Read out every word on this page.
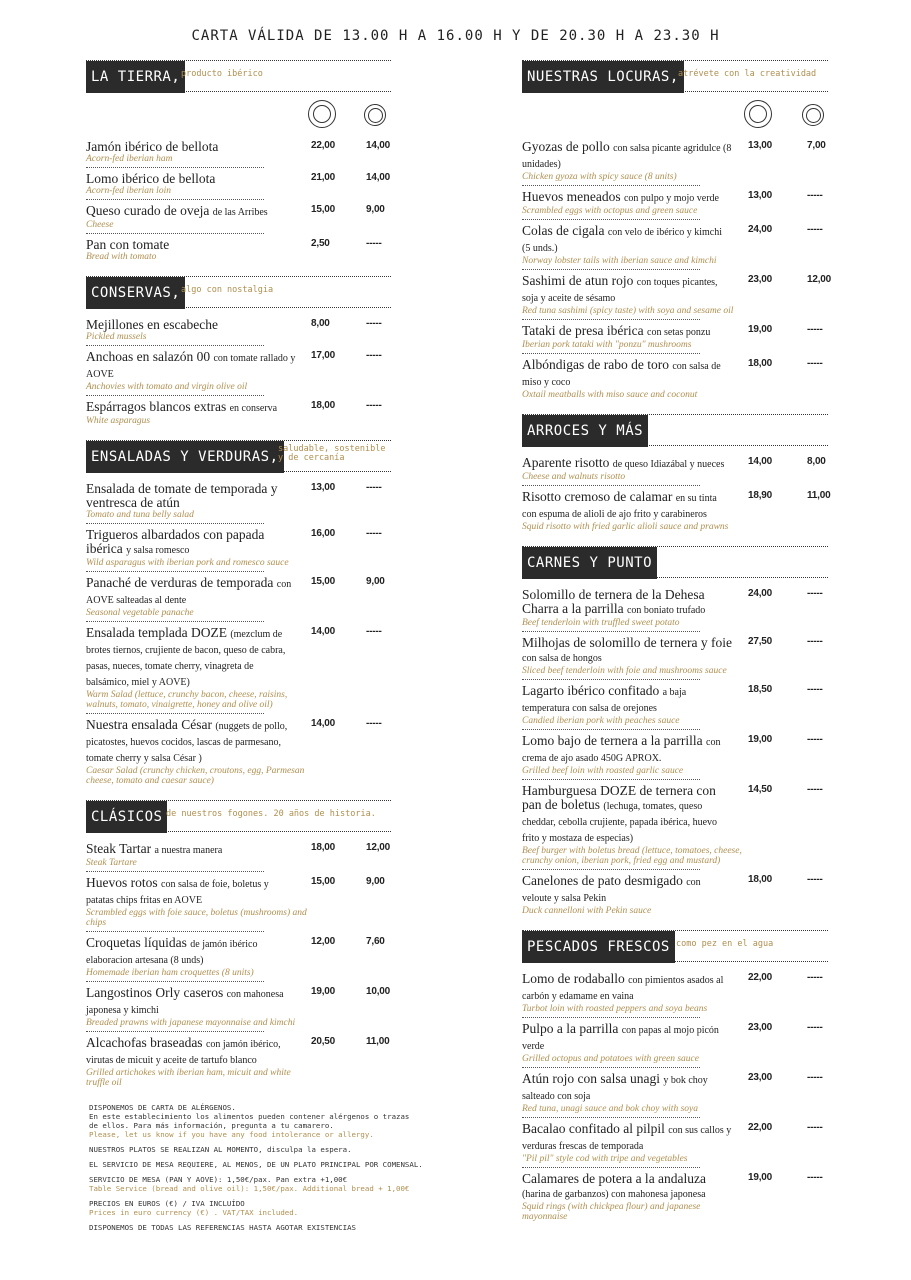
CARTA VÁLIDA DE 13.00 H A 16.00 H Y DE 20.30 H A 23.30 H
LA TIERRA, producto ibérico
Jamón ibérico de bellota
Acorn-fed iberian ham
22,00	14,00
Lomo ibérico de bellota
Acorn-fed iberian loin
21,00	14,00
Queso curado de oveja de las Arribes
Cheese
15,00	9,00
Pan con tomate
Bread with tomato
2,50	-----
CONSERVAS, algo con nostalgia
Mejillones en escabeche
Pickled mussels
8,00	-----
Anchoas en salazón 00 con tomate rallado y AOVE
Anchovies with tomato and virgin olive oil
17,00	-----
Espárragos blancos extras en conserva
White asparagus
18,00	-----
ENSALADAS Y VERDURAS, saludable, sostenible y de cercanía
Ensalada de tomate de temporada y ventresca de atún
Tomato and tuna belly salad
13,00	-----
Trigueros albardados con papada ibérica y salsa romesco
Wild asparagus with iberian pork and romesco sauce
16,00	-----
Panaché de verduras de temporada con AOVE salteadas al dente
Seasonal vegetable panache
15,00	9,00
Ensalada templada DOZE (mezclum de brotes tiernos, crujiente de bacon, queso de cabra, pasas, nueces, tomate cherry, vinagreta de balsámico, miel y AOVE)
Warm Salad (lettuce, crunchy bacon, cheese, raisins, walnuts, tomato, vinaigrette, honey and olive oil)
14,00	-----
Nuestra ensalada César (nuggets de pollo, picatostes, huevos cocidos, lascas de parmesano, tomate cherry y salsa César )
Caesar Salad (crunchy chicken, croutons, egg, Parmesan cheese, tomato and caesar sauce)
14,00	-----
CLÁSICOS de nuestros fogones. 20 años de historia.
Steak Tartar a nuestra manera
Steak Tartare
18,00	12,00
Huevos rotos con salsa de foie, boletus y patatas chips fritas en AOVE
Scrambled eggs with foie sauce, boletus (mushrooms) and chips
15,00	9,00
Croquetas líquidas de jamón ibérico elaboracion artesana (8 unds)
Homemade iberian ham croquettes (8 units)
12,00	7,60
Langostinos Orly caseros con mahonesa japonesa y kimchi
Breaded prawns with japanese mayonnaise and kimchi
19,00	10,00
Alcachofas braseadas con jamón ibérico, virutas de micuit y aceite de tartufo blanco
Grilled artichokes with iberian ham, micuit and white truffle oil
20,50	11,00
NUESTRAS LOCURAS, atrévete con la creatividad
Gyozas de pollo con salsa picante agridulce (8 unidades)
Chicken gyoza with spicy sauce (8 units)
13,00	7,00
Huevos meneados con pulpo y mojo verde
Scrambled eggs with octopus and green sauce
13,00	-----
Colas de cigala con velo de ibérico y kimchi (5 unds.)
Norway lobster tails with iberian sauce and kimchi
24,00	-----
Sashimi de atun rojo con toques picantes, soja y aceite de sésamo
Red tuna sashimi (spicy taste) with soya and sesame oil
23,00	12,00
Tataki de presa ibérica con setas ponzu
Iberian pork tataki with "ponzu" mushrooms
19,00	-----
Albóndigas de rabo de toro con salsa de miso y coco
Oxtail meatballs with miso sauce and coconut
18,00	-----
ARROCES Y MÁS
Aparente risotto de queso Idiazábal y nueces
Cheese and walnuts risotto
14,00	8,00
Risotto cremoso de calamar en su tinta con espuma de alioli de ajo frito y carabineros
Squid risotto with fried garlic alioli sauce and prawns
18,90	11,00
CARNES Y PUNTO
Solomillo de ternera de la Dehesa Charra a la parrilla con boniato trufado
Beef tenderloin with truffled sweet potato
24,00	-----
Milhojas de solomillo de ternera y foie con salsa de hongos
Sliced beef tenderloin with foie and mushrooms sauce
27,50	-----
Lagarto ibérico confitado a baja temperatura con salsa de orejones
Candied iberian pork with peaches sauce
18,50	-----
Lomo bajo de ternera a la parrilla con crema de ajo asado 450G APROX.
Grilled beef loin with roasted garlic sauce
19,00	-----
Hamburguesa DOZE de ternera con pan de boletus (lechuga, tomates, queso cheddar, cebolla crujiente, papada ibérica, huevo frito y mostaza de especias)
Beef burger with boletus bread (lettuce, tomatoes, cheese, crunchy onion, iberian pork, fried egg and mustard)
14,50	-----
Canelones de pato desmigado con veloute y salsa Pekin
Duck cannelloni with Pekin sauce
18,00	-----
PESCADOS FRESCOS como pez en el agua
Lomo de rodaballo con pimientos asados al carbón y edamame en vaina
Turbot loin with roasted peppers and soya beans
22,00	-----
Pulpo a la parrilla con papas al mojo picón verde
Grilled octopus and potatoes with green sauce
23,00	-----
Atún rojo con salsa unagi y bok choy salteado con soja
Red tuna, unagi sauce and bok choy with soya
23,00	-----
Bacalao confitado al pilpil con sus callos y verduras frescas de temporada
"Pil pil" style cod with tripe and vegetables
22,00	-----
Calamares de potera a la andaluza (harina de garbanzos) con mahonesa japonesa
Squid rings (with chickpea flour) and japanese mayonnaise
19,00	-----
DISPONEMOS DE CARTA DE ALÉRGENOS.
En este establecimiento los alimentos pueden contener alérgenos o trazas
de ellos. Para más información, pregunta a tu camarero.
Please, let us know if you have any food intolerance or allergy.
NUESTROS PLATOS SE REALIZAN AL MOMENTO, disculpa la espera.
EL SERVICIO DE MESA REQUIERE, AL MENOS, DE UN PLATO PRINCIPAL POR COMENSAL.
SERVICIO DE MESA (PAN Y AOVE): 1,50€/pax. Pan extra +1,00€
Table Service (bread and olive oil): 1,50€/pax. Additional bread + 1,00€
PRECIOS EN EUROS (€) / IVA INCLUÍDO
Prices in euro currency (€) . VAT/TAX included.
DISPONEMOS DE TODAS LAS REFERENCIAS HASTA AGOTAR EXISTENCIAS
